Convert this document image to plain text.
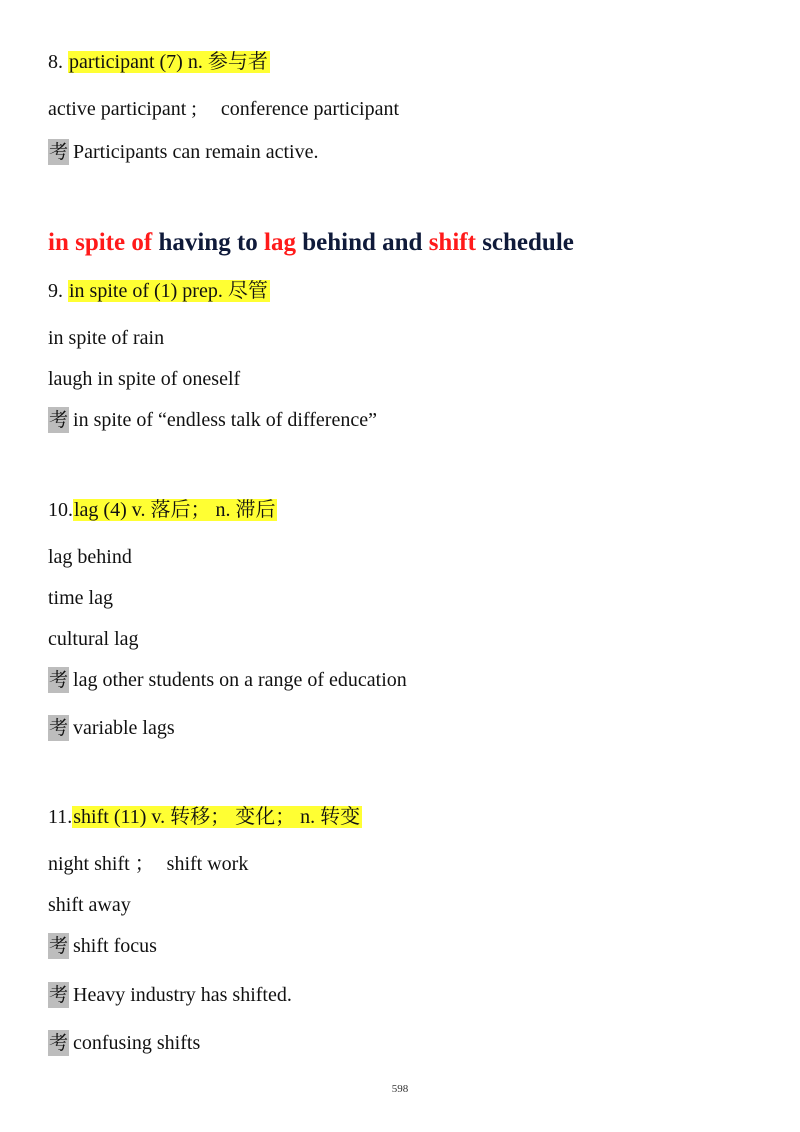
8. participant (7) n. 参与者
active participant ; conference participant
考 Participants can remain active.
in spite of having to lag behind and shift schedule
9. in spite of (1) prep. 尽管
in spite of rain
laugh in spite of oneself
考 in spite of “endless talk of difference”
10.lag (4) v. 落后； n. 滞后
lag behind
time lag
cultural lag
考 lag other students on a range of education
考 variable lags
11.shift (11) v. 转移； 变化； n. 转变
night shift ； shift work
shift away
考 shift focus
考 Heavy industry has shifted.
考 confusing shifts
598
